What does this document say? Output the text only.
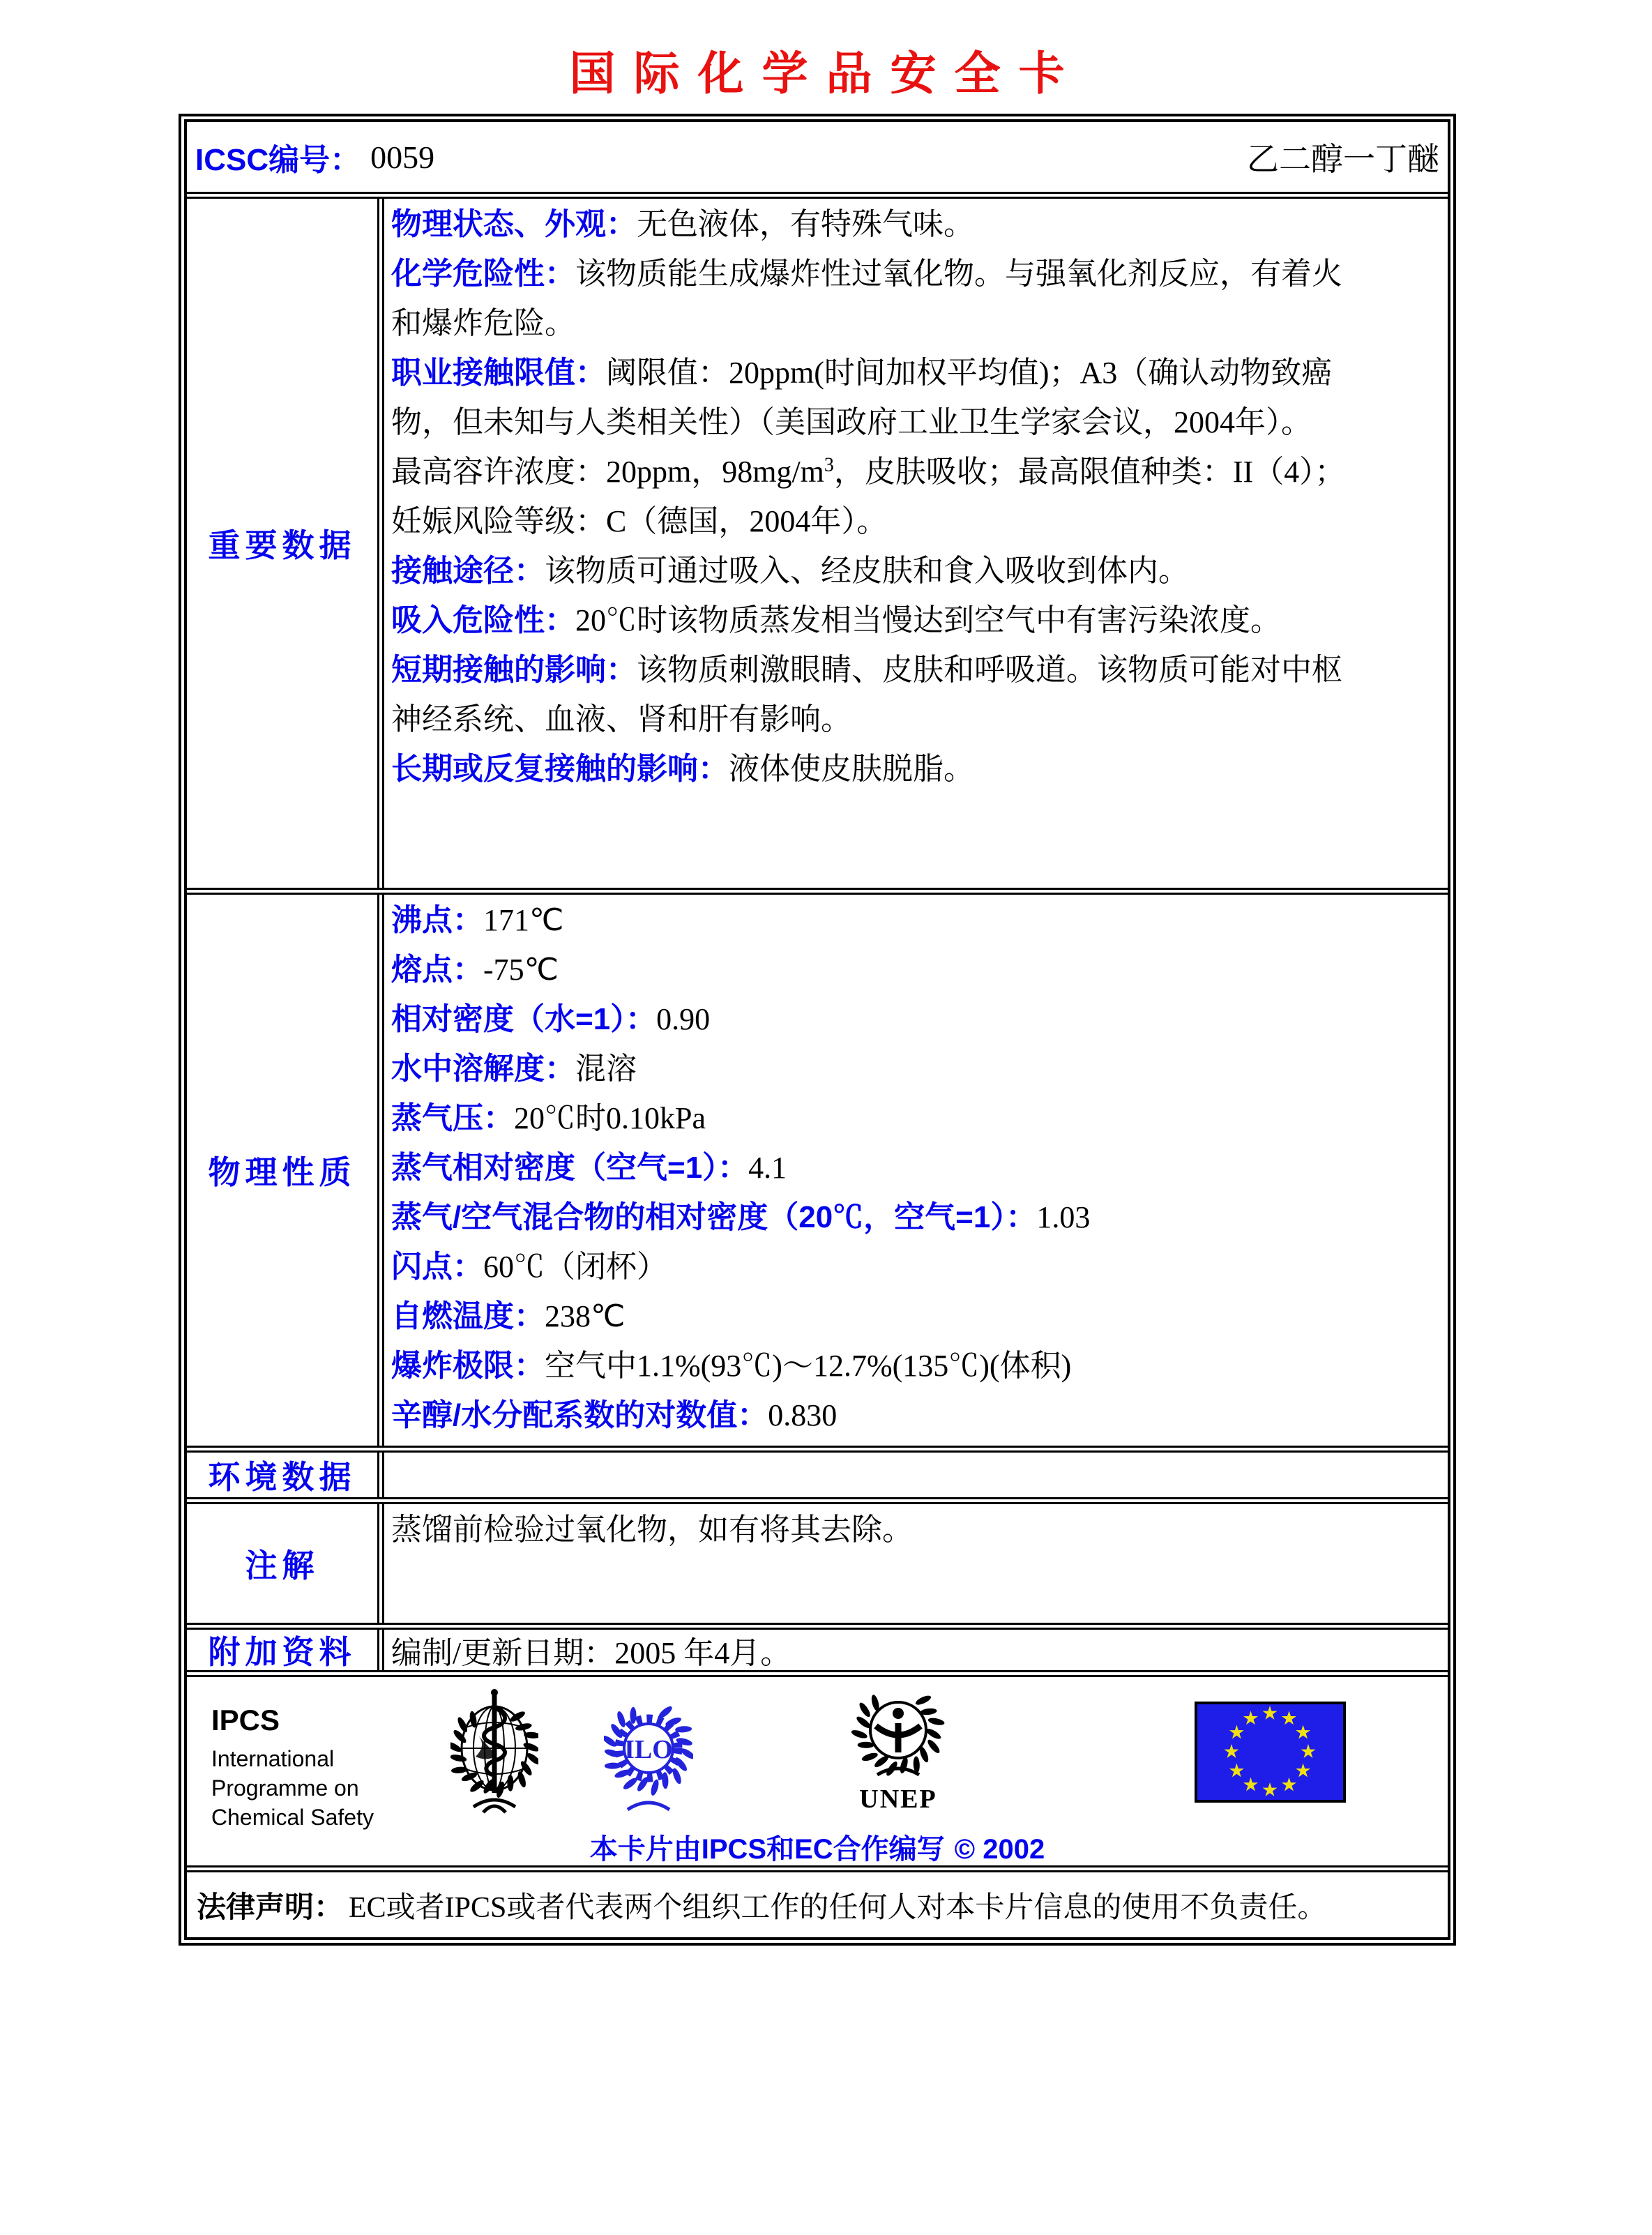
国际化学品安全卡
ICSC编号： 0059	乙二醇一丁醚
重要数据
物理状态、外观：无色液体，有特殊气味。
化学危险性：该物质能生成爆炸性过氧化物。与强氧化剂反应，有着火
和爆炸危险。
职业接触限值：阈限值：20ppm(时间加权平均值)；A3（确认动物致癌
物，但未知与人类相关性）（美国政府工业卫生学家会议，2004年）。
最高容许浓度：20ppm，$98mg/m^3$，皮肤吸收；最高限值种类：II（4）；
妊娠风险等级：C（德国，2004年）。
接触途径：该物质可通过吸入、经皮肤和食入吸收到体内。
吸入危险性：20℃时该物质蒸发相当慢达到空气中有害污染浓度。
短期接触的影响：该物质刺激眼睛、皮肤和呼吸道。该物质可能对中枢
神经系统、血液、肾和肝有影响。
长期或反复接触的影响：液体使皮肤脱脂。
物理性质
沸点：171℃
熔点：-75℃
相对密度（水=1）：0.90
水中溶解度：混溶
蒸气压：20℃时0.10kPa
蒸气相对密度（空气=1）：4.1
蒸气/空气混合物的相对密度（20℃，空气=1）：1.03
闪点：60℃（闭杯）
自燃温度：238℃
爆炸极限：空气中1.1%(93℃)～12.7%(135℃)(体积)
辛醇/水分配系数的对数值：0.830
环境数据
注解
蒸馏前检验过氧化物，如有将其去除。
附加资料	编制/更新日期：2005 年4月。
IPCS
International
Programme on
Chemical Safety
ILO
UNEP
本卡片由IPCS和EC合作编写 © 2002
法律声明： EC或者IPCS或者代表两个组织工作的任何人对本卡片信息的使用不负责任。
